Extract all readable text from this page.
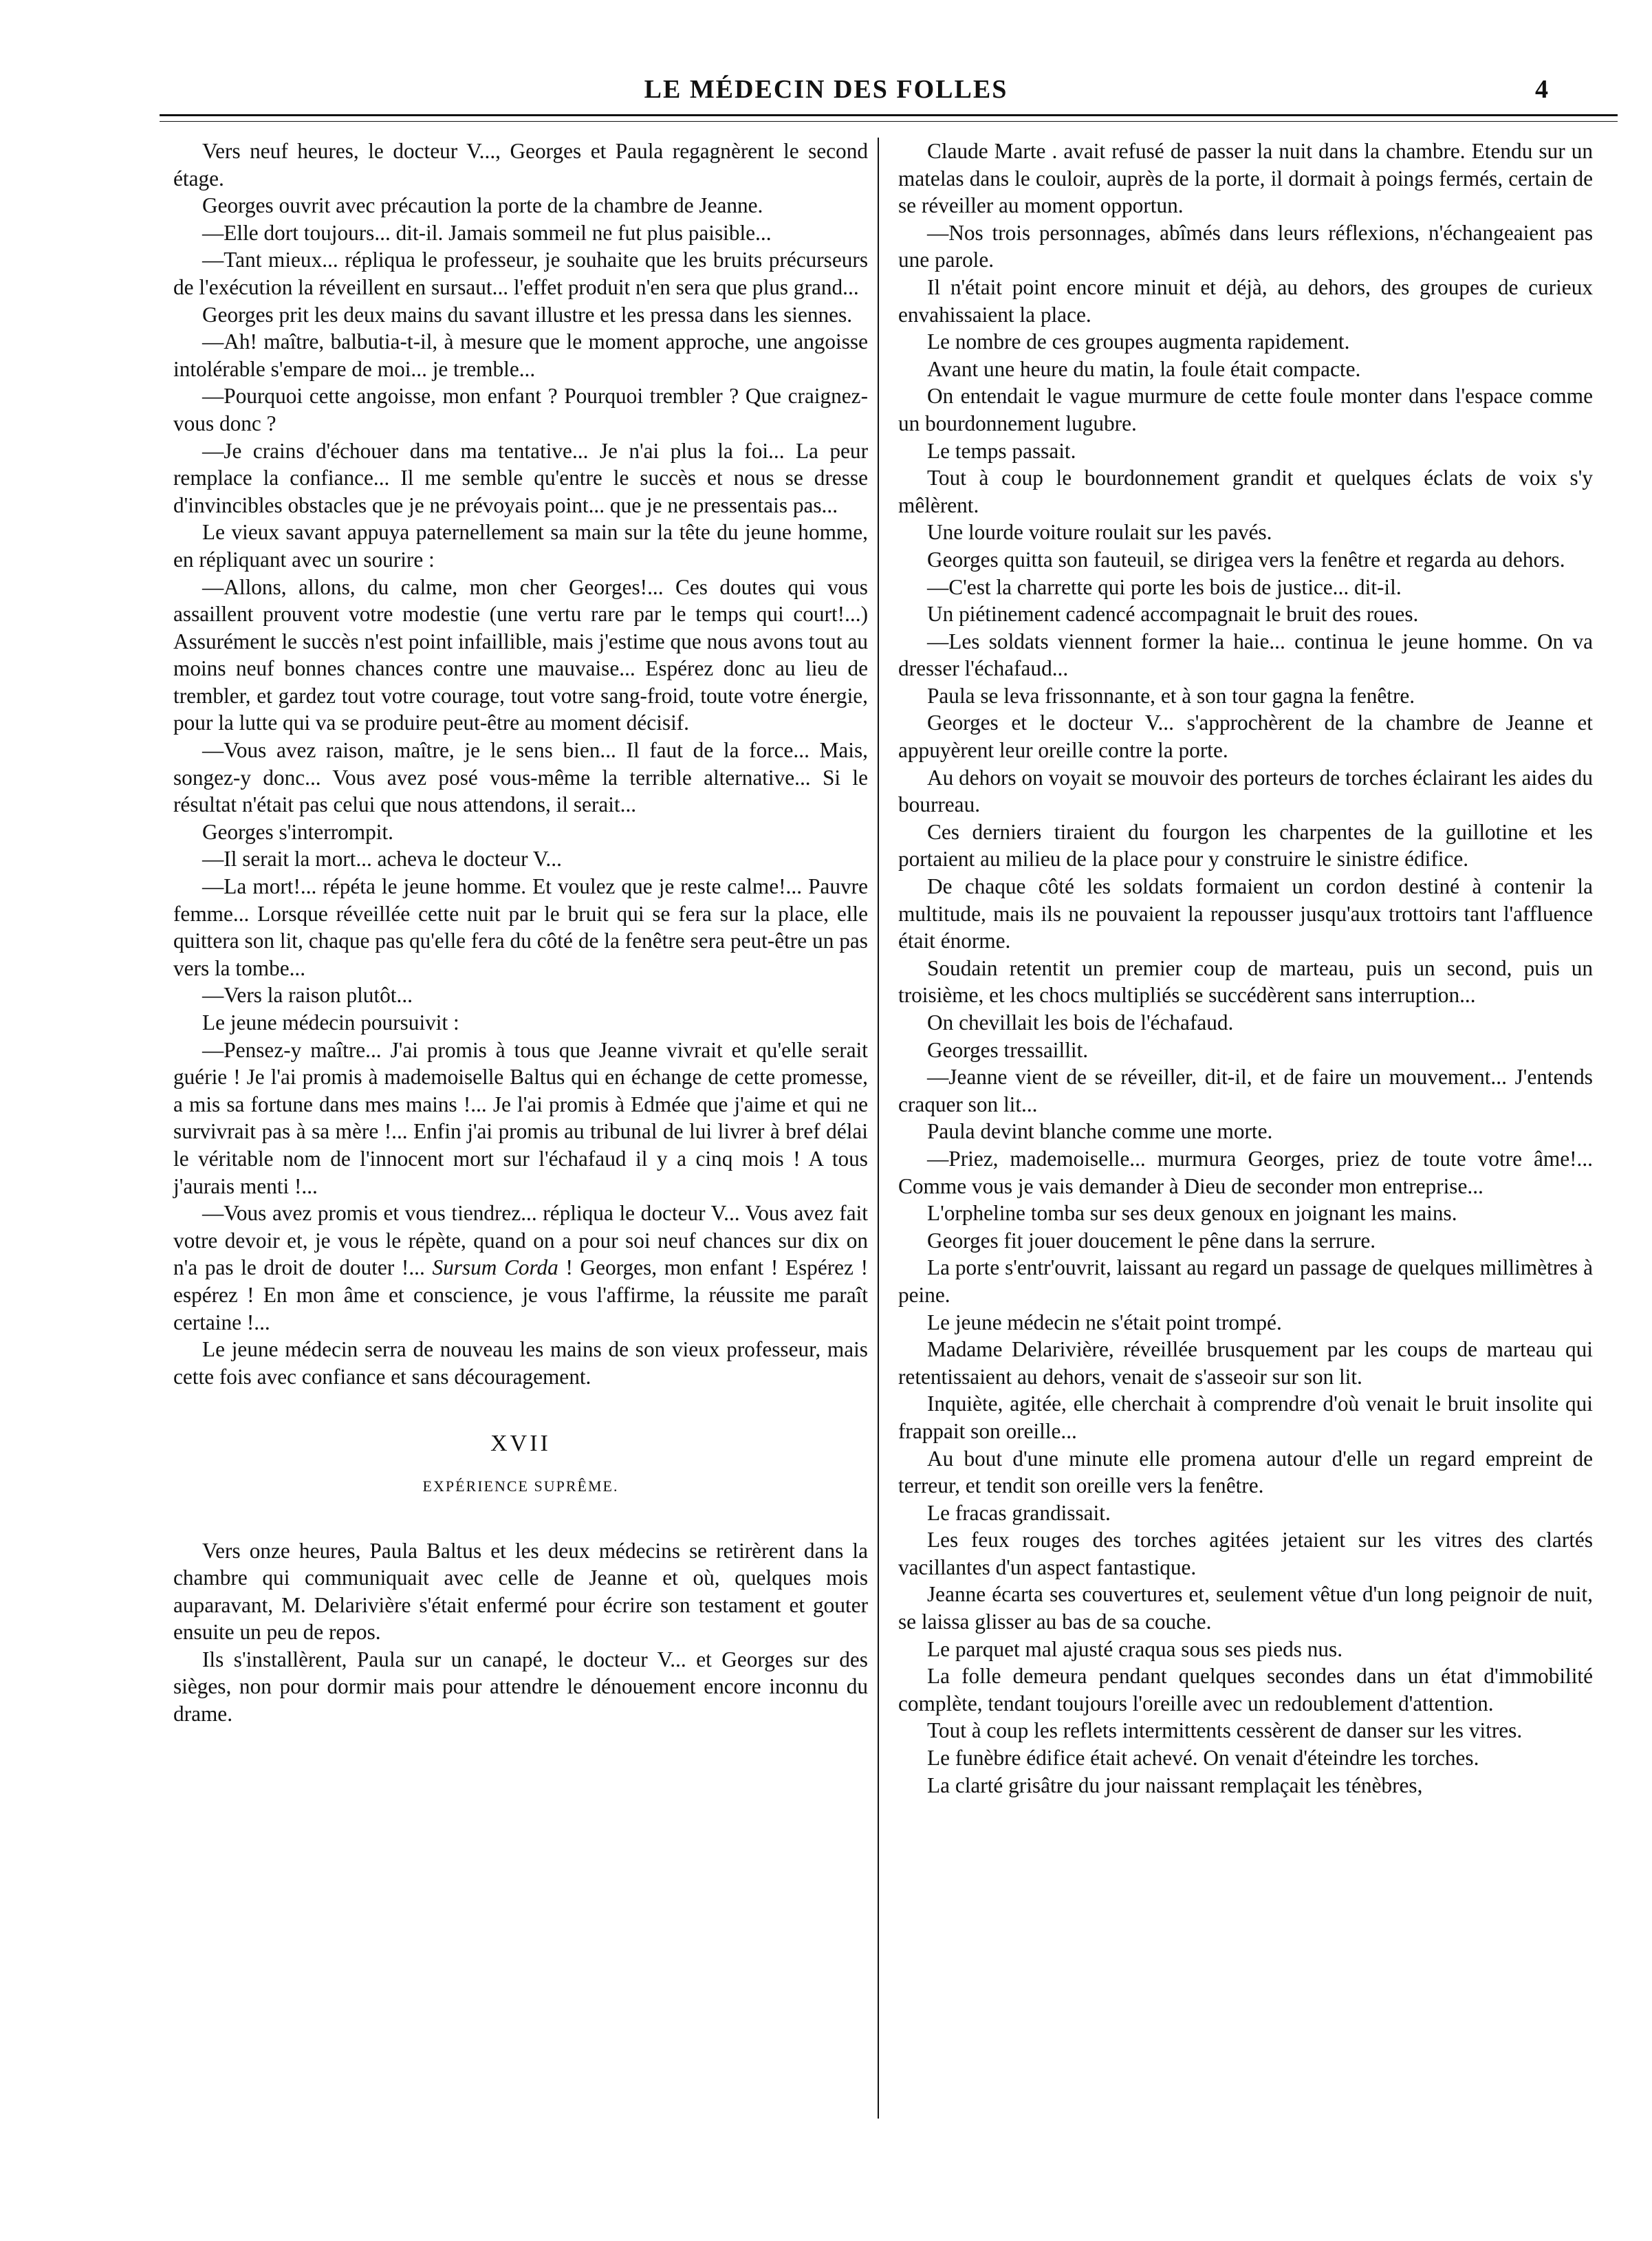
LE MÉDECIN DES FOLLES	4

Vers neuf heures, le docteur V..., Georges et Paula regagnèrent le second étage.

Georges ouvrit avec précaution la porte de la chambre de Jeanne.

—Elle dort toujours... dit-il. Jamais sommeil ne fut plus paisible...

—Tant mieux... répliqua le professeur, je souhaite que les bruits précurseurs de l'exécution la réveillent en sursaut... l'effet produit n'en sera que plus grand...

Georges prit les deux mains du savant illustre et les pressa dans les siennes.

—Ah! maître, balbutia-t-il, à mesure que le moment approche, une angoisse intolérable s'empare de moi... je tremble...

—Pourquoi cette angoisse, mon enfant ? Pourquoi trembler ? Que craignez-vous donc ?

—Je crains d'échouer dans ma tentative... Je n'ai plus la foi... La peur remplace la confiance... Il me semble qu'entre le succès et nous se dresse d'invincibles obstacles que je ne prévoyais point... que je ne pressentais pas...

Le vieux savant appuya paternellement sa main sur la tête du jeune homme, en répliquant avec un sourire :

—Allons, allons, du calme, mon cher Georges!... Ces doutes qui vous assaillent prouvent votre modestie (une vertu rare par le temps qui court!...) Assurément le succès n'est point infaillible, mais j'estime que nous avons tout au moins neuf bonnes chances contre une mauvaise... Espérez donc au lieu de trembler, et gardez tout votre courage, tout votre sang-froid, toute votre énergie, pour la lutte qui va se produire peut-être au moment décisif.

—Vous avez raison, maître, je le sens bien... Il faut de la force... Mais, songez-y donc... Vous avez posé vous-même la terrible alternative... Si le résultat n'était pas celui que nous attendons, il serait...

Georges s'interrompit.

—Il serait la mort... acheva le docteur V...

—La mort!... répéta le jeune homme. Et voulez que je reste calme!... Pauvre femme... Lorsque réveillée cette nuit par le bruit qui se fera sur la place, elle quittera son lit, chaque pas qu'elle fera du côté de la fenêtre sera peut-être un pas vers la tombe...

—Vers la raison plutôt...

Le jeune médecin poursuivit :

—Pensez-y maître... J'ai promis à tous que Jeanne vivrait et qu'elle serait guérie ! Je l'ai promis à mademoiselle Baltus qui en échange de cette promesse, a mis sa fortune dans mes mains !... Je l'ai promis à Edmée que j'aime et qui ne survivrait pas à sa mère !... Enfin j'ai promis au tribunal de lui livrer à bref délai le véritable nom de l'innocent mort sur l'échafaud il y a cinq mois ! A tous j'aurais menti !...

—Vous avez promis et vous tiendrez... répliqua le docteur V... Vous avez fait votre devoir et, je vous le répète, quand on a pour soi neuf chances sur dix on n'a pas le droit de douter !... Sursum Corda ! Georges, mon enfant ! Espérez ! espérez ! En mon âme et conscience, je vous l'affirme, la réussite me paraît certaine !...

Le jeune médecin serra de nouveau les mains de son vieux professeur, mais cette fois avec confiance et sans découragement.

XVII
EXPÉRIENCE SUPRÊME.

Vers onze heures, Paula Baltus et les deux médecins se retirèrent dans la chambre qui communiquait avec celle de Jeanne et où, quelques mois auparavant, M. Delarivière s'était enfermé pour écrire son testament et gouter ensuite un peu de repos.

Ils s'installèrent, Paula sur un canapé, le docteur V... et Georges sur des sièges, non pour dormir mais pour attendre le dénouement encore inconnu du drame.

Claude Marte . avait refusé de passer la nuit dans la chambre. Etendu sur un matelas dans le couloir, auprès de la porte, il dormait à poings fermés, certain de se réveiller au moment opportun.

—Nos trois personnages, abîmés dans leurs réflexions, n'échangeaient pas une parole.

Il n'était point encore minuit et déjà, au dehors, des groupes de curieux envahissaient la place.

Le nombre de ces groupes augmenta rapidement.

Avant une heure du matin, la foule était compacte.

On entendait le vague murmure de cette foule monter dans l'espace comme un bourdonnement lugubre.

Le temps passait.

Tout à coup le bourdonnement grandit et quelques éclats de voix s'y mêlèrent.

Une lourde voiture roulait sur les pavés.

Georges quitta son fauteuil, se dirigea vers la fenêtre et regarda au dehors.

—C'est la charrette qui porte les bois de justice... dit-il.

Un piétinement cadencé accompagnait le bruit des roues.

—Les soldats viennent former la haie... continua le jeune homme. On va dresser l'échafaud...

Paula se leva frissonnante, et à son tour gagna la fenêtre.

Georges et le docteur V... s'approchèrent de la chambre de Jeanne et appuyèrent leur oreille contre la porte.

Au dehors on voyait se mouvoir des porteurs de torches éclairant les aides du bourreau.

Ces derniers tiraient du fourgon les charpentes de la guillotine et les portaient au milieu de la place pour y construire le sinistre édifice.

De chaque côté les soldats formaient un cordon destiné à contenir la multitude, mais ils ne pouvaient la repousser jusqu'aux trottoirs tant l'affluence était énorme.

Soudain retentit un premier coup de marteau, puis un second, puis un troisième, et les chocs multipliés se succédèrent sans interruption...

On chevillait les bois de l'échafaud.

Georges tressaillit.

—Jeanne vient de se réveiller, dit-il, et de faire un mouvement... J'entends craquer son lit...

Paula devint blanche comme une morte.

—Priez, mademoiselle... murmura Georges, priez de toute votre âme!... Comme vous je vais demander à Dieu de seconder mon entreprise...

L'orpheline tomba sur ses deux genoux en joignant les mains.

Georges fit jouer doucement le pêne dans la serrure.

La porte s'entr'ouvrit, laissant au regard un passage de quelques millimètres à peine.

Le jeune médecin ne s'était point trompé.

Madame Delarivière, réveillée brusquement par les coups de marteau qui retentissaient au dehors, venait de s'asseoir sur son lit.

Inquiète, agitée, elle cherchait à comprendre d'où venait le bruit insolite qui frappait son oreille...

Au bout d'une minute elle promena autour d'elle un regard empreint de terreur, et tendit son oreille vers la fenêtre.

Le fracas grandissait.

Les feux rouges des torches agitées jetaient sur les vitres des clartés vacillantes d'un aspect fantastique.

Jeanne écarta ses couvertures et, seulement vêtue d'un long peignoir de nuit, se laissa glisser au bas de sa couche.

Le parquet mal ajusté craqua sous ses pieds nus.

La folle demeura pendant quelques secondes dans un état d'immobilité complète, tendant toujours l'oreille avec un redoublement d'attention.

Tout à coup les reflets intermittents cessèrent de danser sur les vitres.

Le funèbre édifice était achevé. On venait d'éteindre les torches.

La clarté grisâtre du jour naissant remplaçait les ténèbres,
